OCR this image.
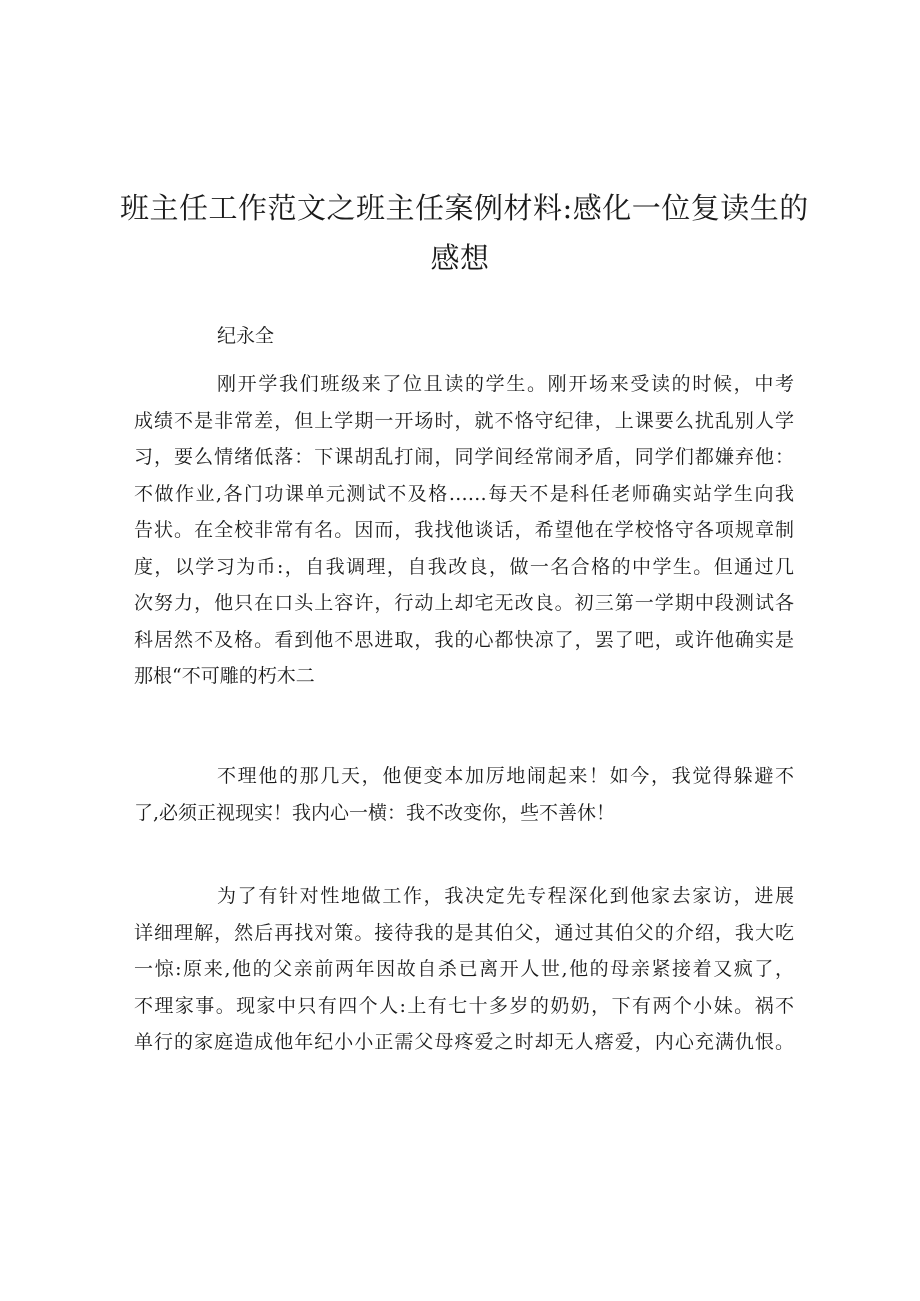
班主任工作范文之班主任案例材料:感化一位复读生的
感想

纪永全

刚开学我们班级来了位且读的学生。刚开场来受读的时候，中考
成绩不是非常差，但上学期一开场时，就不恪守纪律，上课要么扰乱别人学
习，要么情绪低落：下课胡乱打闹，同学间经常闹矛盾，同学们都嫌弃他：
不做作业,各门功课单元测试不及格……每天不是科任老师确实站学生向我
告状。在全校非常有名。因而，我找他谈话，希望他在学校恪守各项规章制
度，以学习为币:，自我调理，自我改良，做一名合格的中学生。但通过几
次努力，他只在口头上容许，行动上却宅无改良。初三第一学期中段测试各
科居然不及格。看到他不思进取，我的心都快凉了，罢了吧，或许他确实是
那根“不可雕的朽木二

不理他的那几天，他便变本加厉地闹起来！如今，我觉得躲避不
了,必须正视现实！我内心一横：我不改变你，些不善休！

为了有针对性地做工作，我决定先专程深化到他家去家访，进展
详细理解，然后再找对策。接待我的是其伯父，通过其伯父的介绍，我大吃
一惊:原来,他的父亲前两年因故自杀已离开人世,他的母亲紧接着又疯了，
不理家事。现家中只有四个人:上有七十多岁的奶奶，下有两个小妹。祸不
单行的家庭造成他年纪小小正需父母疼爱之时却无人瘩爱，内心充满仇恨。
